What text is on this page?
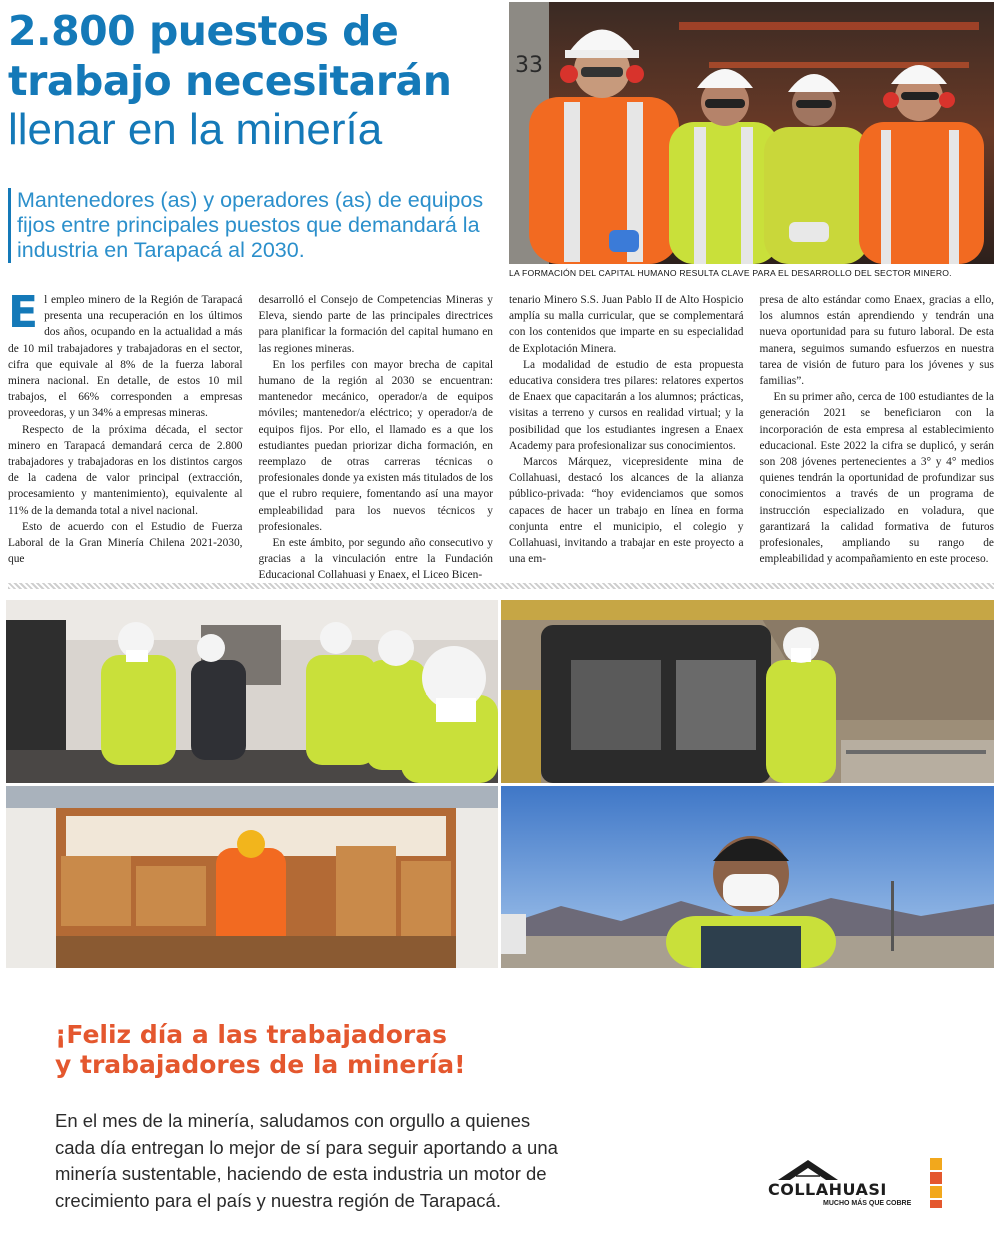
2.800 puestos de
trabajo necesitarán
llenar en la minería
Mantenedores (as) y operadores (as) de equipos fijos entre principales puestos que demandará la industria en Tarapacá al 2030.
33
LA FORMACIÓN DEL CAPITAL HUMANO RESULTA CLAVE PARA EL DESARROLLO DEL SECTOR MINERO.

El empleo minero de la Región de Tarapacá presenta una recuperación en los últimos dos años, ocupando en la actualidad a más de 10 mil trabajadores y trabajadoras en el sector, cifra que equivale al 8% de la fuerza laboral minera nacional. En detalle, de estos 10 mil trabajos, el 66% corresponden a empresas proveedoras, y un 34% a empresas mineras.

Respecto de la próxima década, el sector minero en Tarapacá demandará cerca de 2.800 trabajadores y trabajadoras en los distintos cargos de la cadena de valor principal (extracción, procesamiento y mantenimiento), equivalente al 11% de la demanda total a nivel nacional.

Esto de acuerdo con el Estudio de Fuerza Laboral de la Gran Minería Chilena 2021-2030, que

desarrolló el Consejo de Competencias Mineras y Eleva, siendo parte de las principales directrices para planificar la formación del capital humano en las regiones mineras.

En los perfiles con mayor brecha de capital humano de la región al 2030 se encuentran: mantenedor mecánico, operador/a de equipos móviles; mantenedor/a eléctrico; y operador/a de equipos fijos. Por ello, el llamado es a que los estudiantes puedan priorizar dicha formación, en reemplazo de otras carreras técnicas o profesionales donde ya existen más titulados de los que el rubro requiere, fomentando así una mayor empleabilidad para los nuevos técnicos y profesionales.

En este ámbito, por segundo año consecutivo y gracias a la vinculación entre la Fundación Educacional Collahuasi y Enaex, el Liceo Bicen-

tenario Minero S.S. Juan Pablo II de Alto Hospicio amplía su malla curricular, que se complementará con los contenidos que imparte en su especialidad de Explotación Minera.

La modalidad de estudio de esta propuesta educativa considera tres pilares: relatores expertos de Enaex que capacitarán a los alumnos; prácticas, visitas a terreno y cursos en realidad virtual; y la posibilidad que los estudiantes ingresen a Enaex Academy para profesionalizar sus conocimientos.

Marcos Márquez, vicepresidente mina de Collahuasi, destacó los alcances de la alianza público-privada: “hoy evidenciamos que somos capaces de hacer un trabajo en línea en forma conjunta entre el municipio, el colegio y Collahuasi, invitando a trabajar en este proyecto a una em-

presa de alto estándar como Enaex, gracias a ello, los alumnos están aprendiendo y tendrán una nueva oportunidad para su futuro laboral. De esta manera, seguimos sumando esfuerzos en nuestra tarea de visión de futuro para los jóvenes y sus familias”.

En su primer año, cerca de 100 estudiantes de la generación 2021 se beneficiaron con la incorporación de esta empresa al establecimiento educacional. Este 2022 la cifra se duplicó, y serán son 208 jóvenes pertenecientes a 3° y 4° medios quienes tendrán la oportunidad de profundizar sus conocimientos a través de un programa de instrucción especializado en voladura, que garantizará la calidad formativa de futuros profesionales, ampliando su rango de empleabilidad y acompañamiento en este proceso.

¡Feliz día a las trabajadoras
y trabajadores de la minería!

En el mes de la minería, saludamos con orgullo a quienes cada día entregan lo mejor de sí para seguir aportando a una minería sustentable, haciendo de esta industria un motor de crecimiento para el país y nuestra región de Tarapacá.	COLLAHUASI
MUCHO MÁS QUE COBRE
